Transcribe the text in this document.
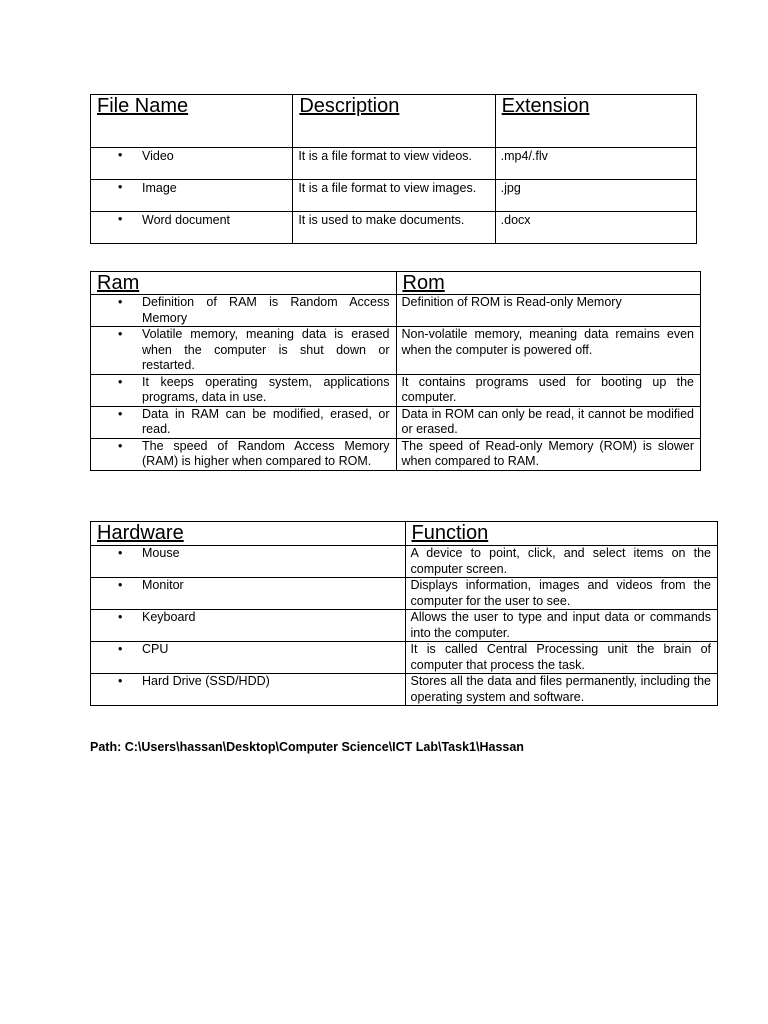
File Name	Description	Extension

• Video	It is a file format to view videos.	.mp4/.flv

• Image	It is a file format to view images.	.jpg

• Word document	It is used to make documents.	.docx
Ram	Rom

• Definition of RAM is Random Access Memory	Definition of ROM is Read-only Memory

• Volatile memory, meaning data is erased when the computer is shut down or restarted.	Non-volatile memory, meaning data remains even when the computer is powered off.

• It keeps operating system, applications programs, data in use.	It contains programs used for booting up the computer.

• Data in RAM can be modified, erased, or read.	Data in ROM can only be read, it cannot be modified or erased.

• The speed of Random Access Memory (RAM) is higher when compared to ROM.	The speed of Read-only Memory (ROM) is slower when compared to RAM.
Hardware	Function

• Mouse	A device to point, click, and select items on the computer screen.

• Monitor	Displays information, images and videos from the computer for the user to see.

• Keyboard	Allows the user to type and input data or commands into the computer.

• CPU	It is called Central Processing unit the brain of computer that process the task.

• Hard Drive (SSD/HDD)	Stores all the data and files permanently, including the operating system and software.
Path: C:\Users\hassan\Desktop\Computer Science\ICT Lab\Task1\Hassan
